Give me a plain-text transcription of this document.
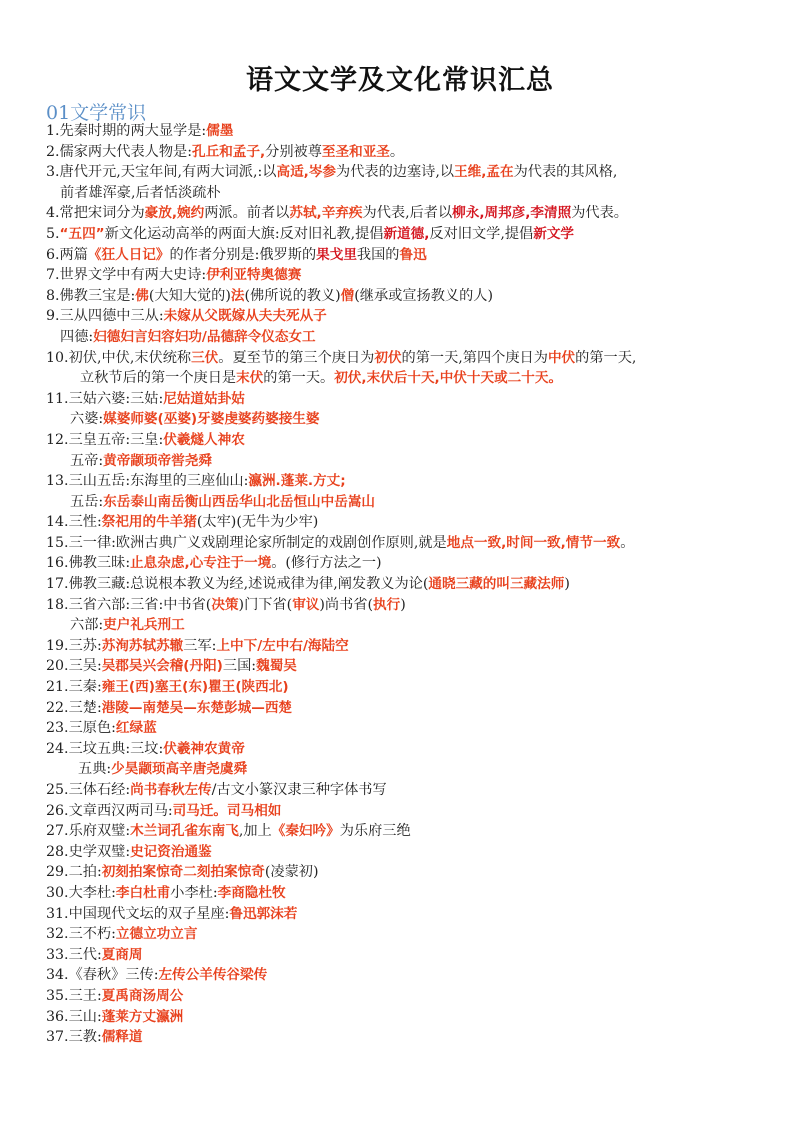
语文文学及文化常识汇总
01文学常识
1.先秦时期的两大显学是:儒墨
2.儒家两大代表人物是:孔丘和孟子,分别被尊至圣和亚圣。
3.唐代开元,天宝年间,有两大词派,:以高适,岑参为代表的边塞诗,以王维,孟在为代表的其风格,
前者雄浑豪,后者恬淡疏朴
4.常把宋词分为豪放,婉约两派。前者以苏轼,辛弃疾为代表,后者以柳永,周邦彦,李清照为代表。
5.“五四”新文化运动高举的两面大旗:反对旧礼教,提倡新道德,反对旧文学,提倡新文学
6.两篇《狂人日记》的作者分别是:俄罗斯的果戈里我国的鲁迅
7.世界文学中有两大史诗:伊利亚特奥德赛
8.佛教三宝是:佛(大知大觉的)法(佛所说的教义)僧(继承或宣扬教义的人)
9.三从四德中三从:未嫁从父既嫁从夫夫死从子
四德:妇德妇言妇容妇功/品德辞令仪态女工
10.初伏,中伏,末伏统称三伏。夏至节的第三个庚日为初伏的第一天,第四个庚日为中伏的第一天,
立秋节后的第一个庚日是末伏的第一天。初伏,末伏后十天,中伏十天或二十天。
11.三姑六婆:三姑:尼姑道姑卦姑
六婆:媒婆师婆(巫婆)牙婆虔婆药婆接生婆
12.三皇五帝:三皇:伏羲燧人神农
五帝:黄帝颛顼帝喾尧舜
13.三山五岳:东海里的三座仙山:瀛洲.蓬莱.方丈;
五岳:东岳泰山南岳衡山西岳华山北岳恒山中岳嵩山
14.三性:祭祀用的牛羊猪(太牢)(无牛为少牢)
15.三一律:欧洲古典广义戏剧理论家所制定的戏剧创作原则,就是地点一致,时间一致,情节一致。
16.佛教三昧:止息杂虑,心专注于一境。(修行方法之一)
17.佛教三藏:总说根本教义为经,述说戒律为律,阐发教义为论(通晓三藏的叫三藏法师)
18.三省六部:三省:中书省(决策)门下省(审议)尚书省(执行)
六部:吏户礼兵刑工
19.三苏:苏洵苏轼苏辙三军:上中下/左中右/海陆空
20.三吴:吴郡吴兴会稽(丹阳)三国:魏蜀吴
21.三秦:雍王(西)塞王(东)瞿王(陕西北)
22.三楚:港陵—南楚吴—东楚彭城—西楚
23.三原色:红绿蓝
24.三坟五典:三坟:伏羲神农黄帝
五典:少昊颛顼高辛唐尧虞舜
25.三体石经:尚书春秋左传/古文小篆汉隶三种字体书写
26.文章西汉两司马:司马迁。司马相如
27.乐府双璧:木兰词孔雀东南飞,加上《秦妇吟》为乐府三绝
28.史学双璧:史记资治通鉴
29.二拍:初刻拍案惊奇二刻拍案惊奇(凌蒙初)
30.大李杜:李白杜甫小李杜:李商隐杜牧
31.中国现代文坛的双子星座:鲁迅郭沫若
32.三不朽:立德立功立言
33.三代:夏商周
34.《春秋》三传:左传公羊传谷梁传
35.三王:夏禹商汤周公
36.三山:蓬莱方丈瀛洲
37.三教:儒释道
